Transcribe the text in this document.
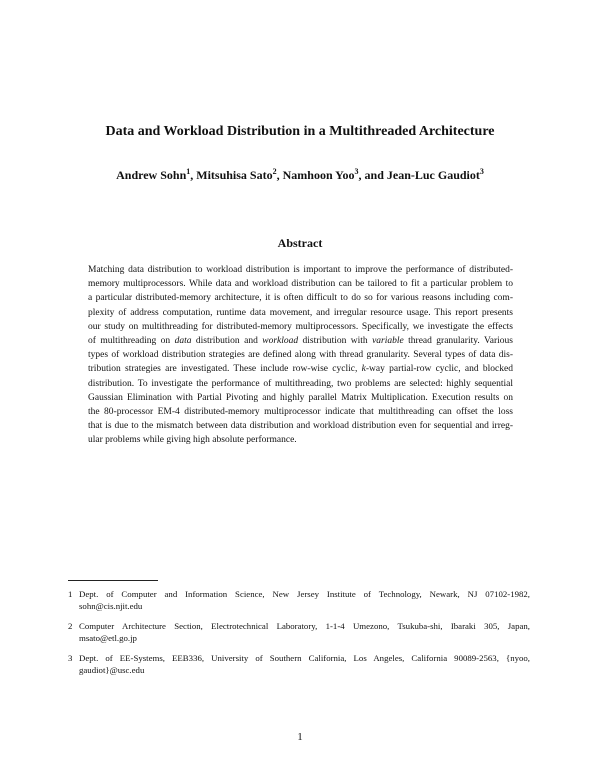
Data and Workload Distribution in a Multithreaded Architecture
Andrew Sohn$^1$, Mitsuhisa Sato$^2$, Namhoon Yoo$^3$, and Jean-Luc Gaudiot$^3$
Abstract
Matching data distribution to workload distribution is important to improve the performance of distributed-
memory multiprocessors. While data and workload distribution can be tailored to fit a particular problem to
a particular distributed-memory architecture, it is often difficult to do so for various reasons including com-
plexity of address computation, runtime data movement, and irregular resource usage. This report presents
our study on multithreading for distributed-memory multiprocessors. Specifically, we investigate the effects
of multithreading on data distribution and workload distribution with variable thread granularity. Various
types of workload distribution strategies are defined along with thread granularity. Several types of data dis-
tribution strategies are investigated. These include row-wise cyclic, k-way partial-row cyclic, and blocked
distribution. To investigate the performance of multithreading, two problems are selected: highly sequential
Gaussian Elimination with Partial Pivoting and highly parallel Matrix Multiplication. Execution results on
the 80-processor EM-4 distributed-memory multiprocessor indicate that multithreading can offset the loss
that is due to the mismatch between data distribution and workload distribution even for sequential and irreg-
ular problems while giving high absolute performance.
1 Dept. of Computer and Information Science, New Jersey Institute of Technology, Newark, NJ 07102-1982,
sohn@cis.njit.edu
2 Computer Architecture Section, Electrotechnical Laboratory, 1-1-4 Umezono, Tsukuba-shi, Ibaraki 305, Japan,
msato@etl.go.jp
3 Dept. of EE-Systems, EEB336, University of Southern California, Los Angeles, California 90089-2563, {nyoo,
gaudiot}@usc.edu
1
